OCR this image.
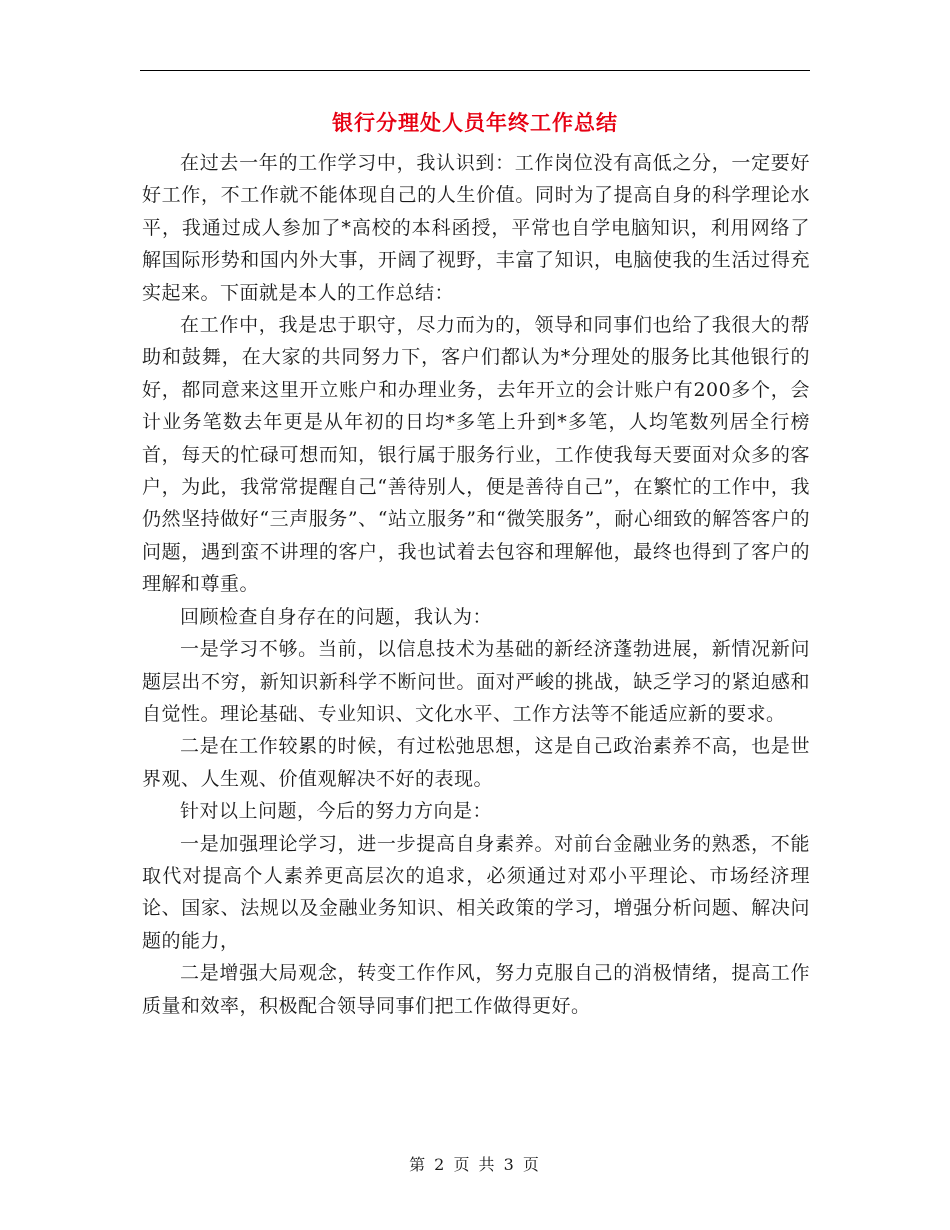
银行分理处人员年终工作总结

在过去一年的工作学习中，我认识到：工作岗位没有高低之分，一定要好好工作，不工作就不能体现自己的人生价值。同时为了提高自身的科学理论水平，我通过成人参加了*高校的本科函授，平常也自学电脑知识，利用网络了解国际形势和国内外大事，开阔了视野，丰富了知识，电脑使我的生活过得充实起来。下面就是本人的工作总结：

在工作中，我是忠于职守，尽力而为的，领导和同事们也给了我很大的帮助和鼓舞，在大家的共同努力下，客户们都认为*分理处的服务比其他银行的好，都同意来这里开立账户和办理业务，去年开立的会计账户有200多个，会计业务笔数去年更是从年初的日均*多笔上升到*多笔，人均笔数列居全行榜首，每天的忙碌可想而知，银行属于服务行业，工作使我每天要面对众多的客户，为此，我常常提醒自己“善待别人，便是善待自己”，在繁忙的工作中，我仍然坚持做好“三声服务”、“站立服务”和“微笑服务”，耐心细致的解答客户的问题，遇到蛮不讲理的客户，我也试着去包容和理解他，最终也得到了客户的理解和尊重。

回顾检查自身存在的问题，我认为：

一是学习不够。当前，以信息技术为基础的新经济蓬勃进展，新情况新问题层出不穷，新知识新科学不断问世。面对严峻的挑战，缺乏学习的紧迫感和自觉性。理论基础、专业知识、文化水平、工作方法等不能适应新的要求。

二是在工作较累的时候，有过松弛思想，这是自己政治素养不高，也是世界观、人生观、价值观解决不好的表现。

针对以上问题，今后的努力方向是：

一是加强理论学习，进一步提高自身素养。对前台金融业务的熟悉，不能取代对提高个人素养更高层次的追求，必须通过对邓小平理论、市场经济理论、国家、法规以及金融业务知识、相关政策的学习，增强分析问题、解决问题的能力，

二是增强大局观念，转变工作作风，努力克服自己的消极情绪，提高工作质量和效率，积极配合领导同事们把工作做得更好。

第 2 页 共 3 页
